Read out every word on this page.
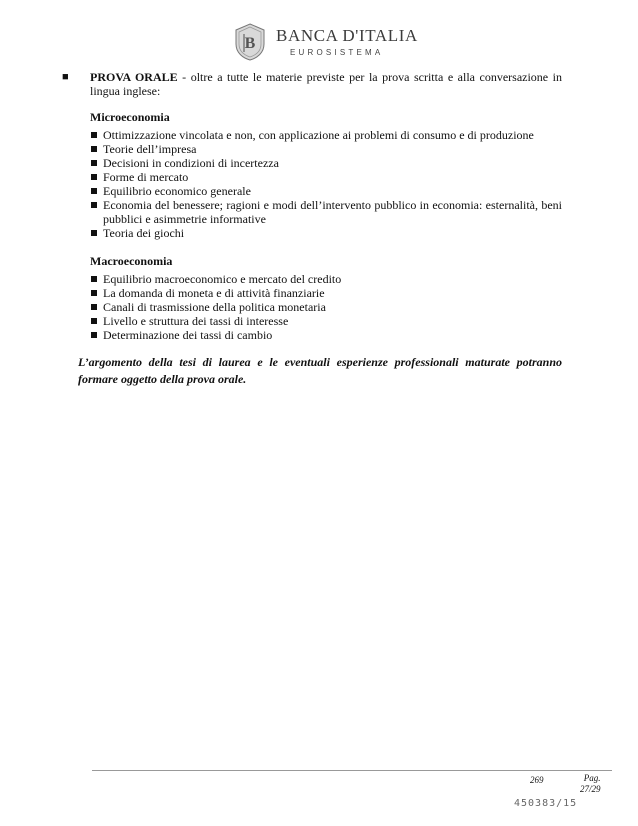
B BANCA D'ITALIA
EUROSISTEMA
■ PROVA ORALE - oltre a tutte le materie previste per la prova scritta e alla conversazione in lingua inglese:
Microeconomia
Ottimizzazione vincolata e non, con applicazione ai problemi di consumo e di produzione
Teorie dell’impresa
Decisioni in condizioni di incertezza
Forme di mercato
Equilibrio economico generale
Economia del benessere; ragioni e modi dell’intervento pubblico in economia: esternalità, beni pubblici e asimmetrie informative
Teoria dei giochi
Macroeconomia
Equilibrio macroeconomico e mercato del credito
La domanda di moneta e di attività finanziarie
Canali di trasmissione della politica monetaria
Livello e struttura dei tassi di interesse
Determinazione dei tassi di cambio
L’argomento della tesi di laurea e le eventuali esperienze professionali maturate potranno formare oggetto della prova orale.
269	Pag.
27/29
450383/15
